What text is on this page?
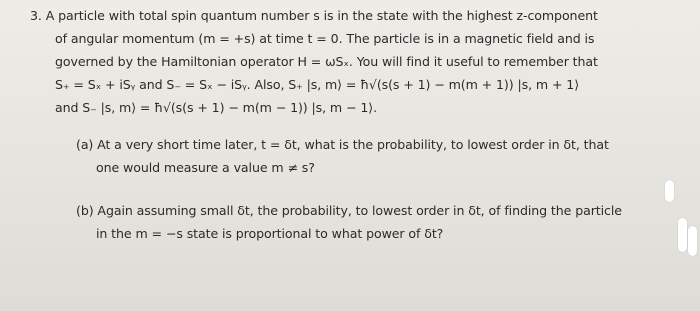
3. A particle with total spin quantum number s is in the state with the highest z-component
of angular momentum (m = +s) at time t = 0. The particle is in a magnetic field and is
governed by the Hamiltonian operator H = ωSₓ. You will find it useful to remember that
S₊ = Sₓ + iSᵧ and S₋ = Sₓ − iSᵧ. Also, S₊ |s, m⟩ = ħ√(s(s + 1) − m(m + 1)) |s, m + 1⟩
and S₋ |s, m⟩ = ħ√(s(s + 1) − m(m − 1)) |s, m − 1⟩.
(a) At a very short time later, t = δt, what is the probability, to lowest order in δt, that
one would measure a value m ≠ s?
(b) Again assuming small δt, the probability, to lowest order in δt, of finding the particle
in the m = −s state is proportional to what power of δt?
